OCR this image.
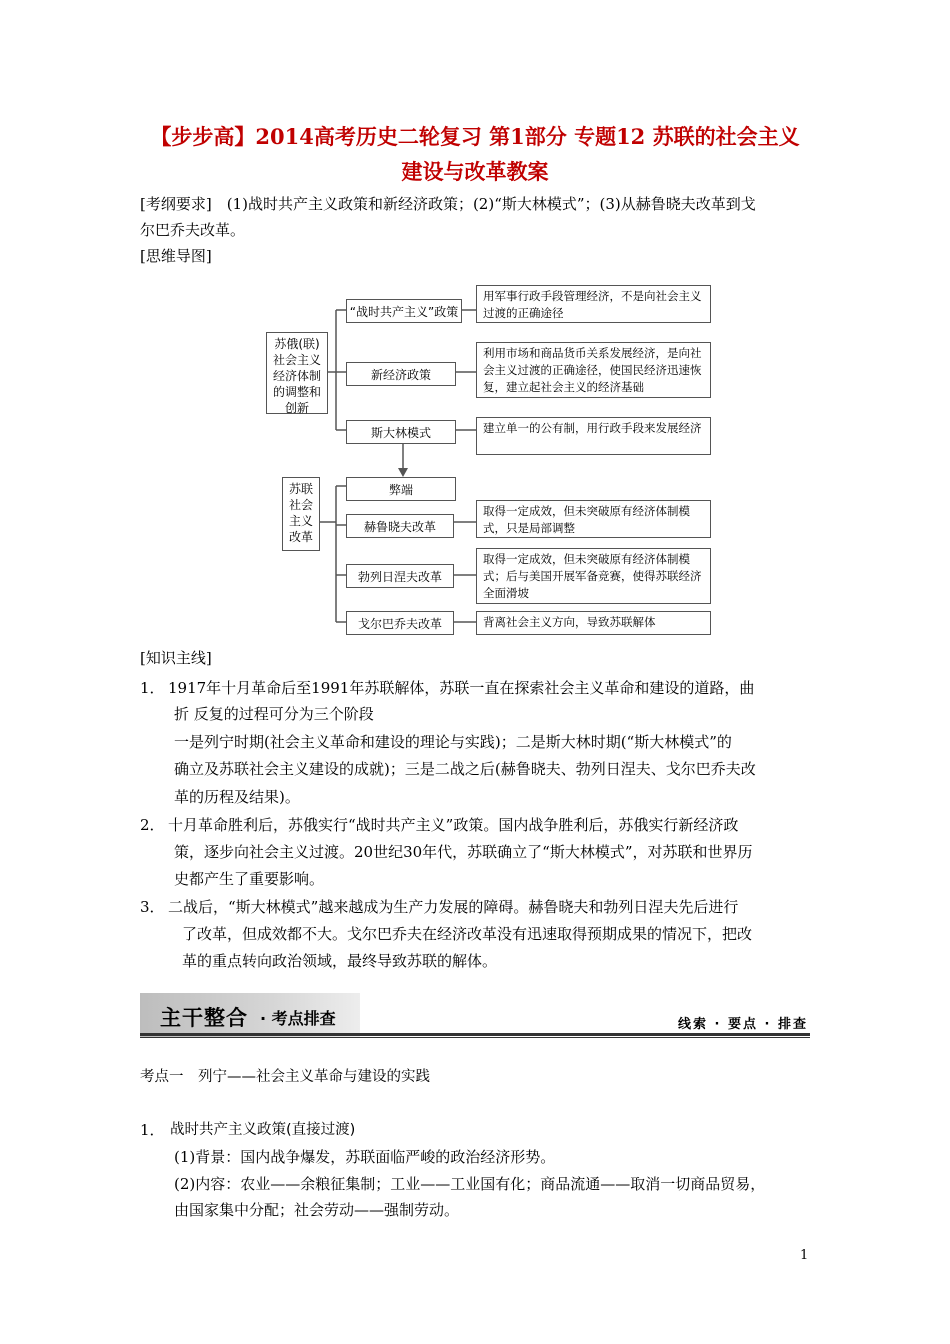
【步步高】2014高考历史二轮复习 第1部分 专题12 苏联的社会主义
建设与改革教案
[考纲要求]　(1)战时共产主义政策和新经济政策；(2)“斯大林模式”；(3)从赫鲁晓夫改革到戈
尔巴乔夫改革。
[思维导图]
苏俄(联)社会主义经济体制的调整和创新
苏联社会主义改革
“战时共产主义”政策
新经济政策
斯大林模式
弊端
赫鲁晓夫改革
勃列日涅夫改革
戈尔巴乔夫改革
用军事行政手段管理经济，不是向社会主义过渡的正确途径
利用市场和商品货币关系发展经济，是向社会主义过渡的正确途径，使国民经济迅速恢复，建立起社会主义的经济基础
建立单一的公有制，用行政手段来发展经济
取得一定成效，但未突破原有经济体制模式，只是局部调整
取得一定成效，但未突破原有经济体制模式；后与美国开展军备竞赛，使得苏联经济全面滑坡
背离社会主义方向，导致苏联解体
[知识主线]
1． 1917年十月革命后至1991年苏联解体，苏联一直在探索社会主义革命和建设的道路，曲
折 反复的过程可分为三个阶段
一是列宁时期(社会主义革命和建设的理论与实践)；二是斯大林时期(“斯大林模式”的
确立及苏联社会主义建设的成就)；三是二战之后(赫鲁晓夫、勃列日涅夫、戈尔巴乔夫改
革的历程及结果)。
2． 十月革命胜利后，苏俄实行“战时共产主义”政策。国内战争胜利后，苏俄实行新经济政
策，逐步向社会主义过渡。20世纪30年代，苏联确立了“斯大林模式”，对苏联和世界历
史都产生了重要影响。
3． 二战后，“斯大林模式”越来越成为生产力发展的障碍。赫鲁晓夫和勃列日涅夫先后进行
了改革，但成效都不大。戈尔巴乔夫在经济改革没有迅速取得预期成果的情况下，把改
革的重点转向政治领域，最终导致苏联的解体。
主干整合 · 考点排查	线索 · 要点 · 排查
考点一　列宁——社会主义革命与建设的实践
1． 战时共产主义政策(直接过渡)
(1)背景：国内战争爆发，苏联面临严峻的政治经济形势。
(2)内容：农业——余粮征集制；工业——工业国有化；商品流通——取消一切商品贸易，
由国家集中分配；社会劳动——强制劳动。
1
